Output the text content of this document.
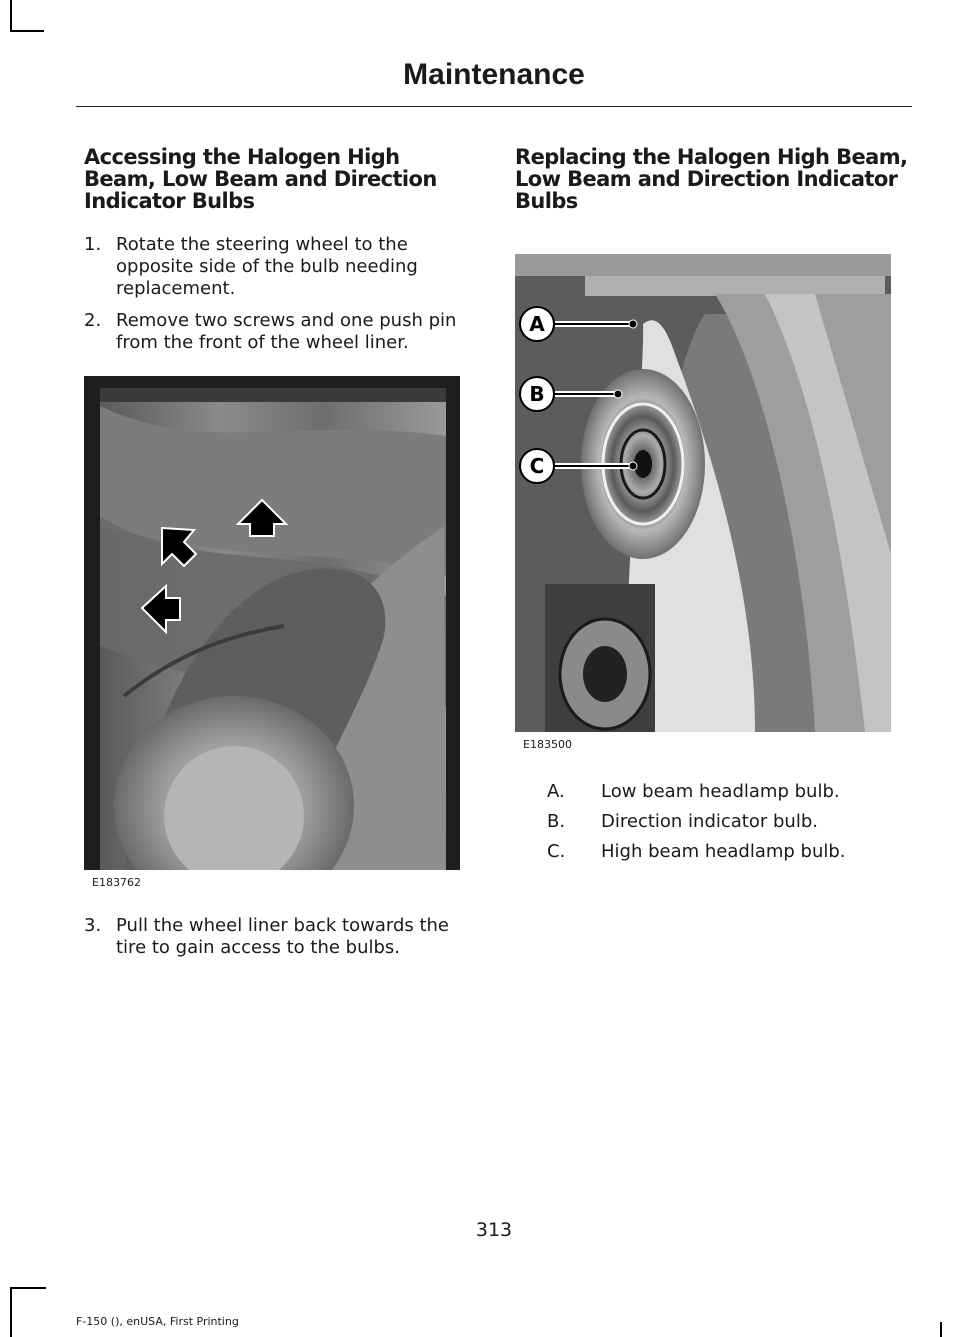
Maintenance
Accessing the Halogen High Beam, Low Beam and Direction Indicator Bulbs
1. Rotate the steering wheel to the opposite side of the bulb needing replacement.
2. Remove two screws and one push pin from the front of the wheel liner.
E183762
3. Pull the wheel liner back towards the tire to gain access to the bulbs.
Replacing the Halogen High Beam, Low Beam and Direction Indicator Bulbs
A
B
C
E183500
A.	Low beam headlamp bulb.
B.	Direction indicator bulb.
C.	High beam headlamp bulb.
313
F-150 (), enUSA, First Printing
